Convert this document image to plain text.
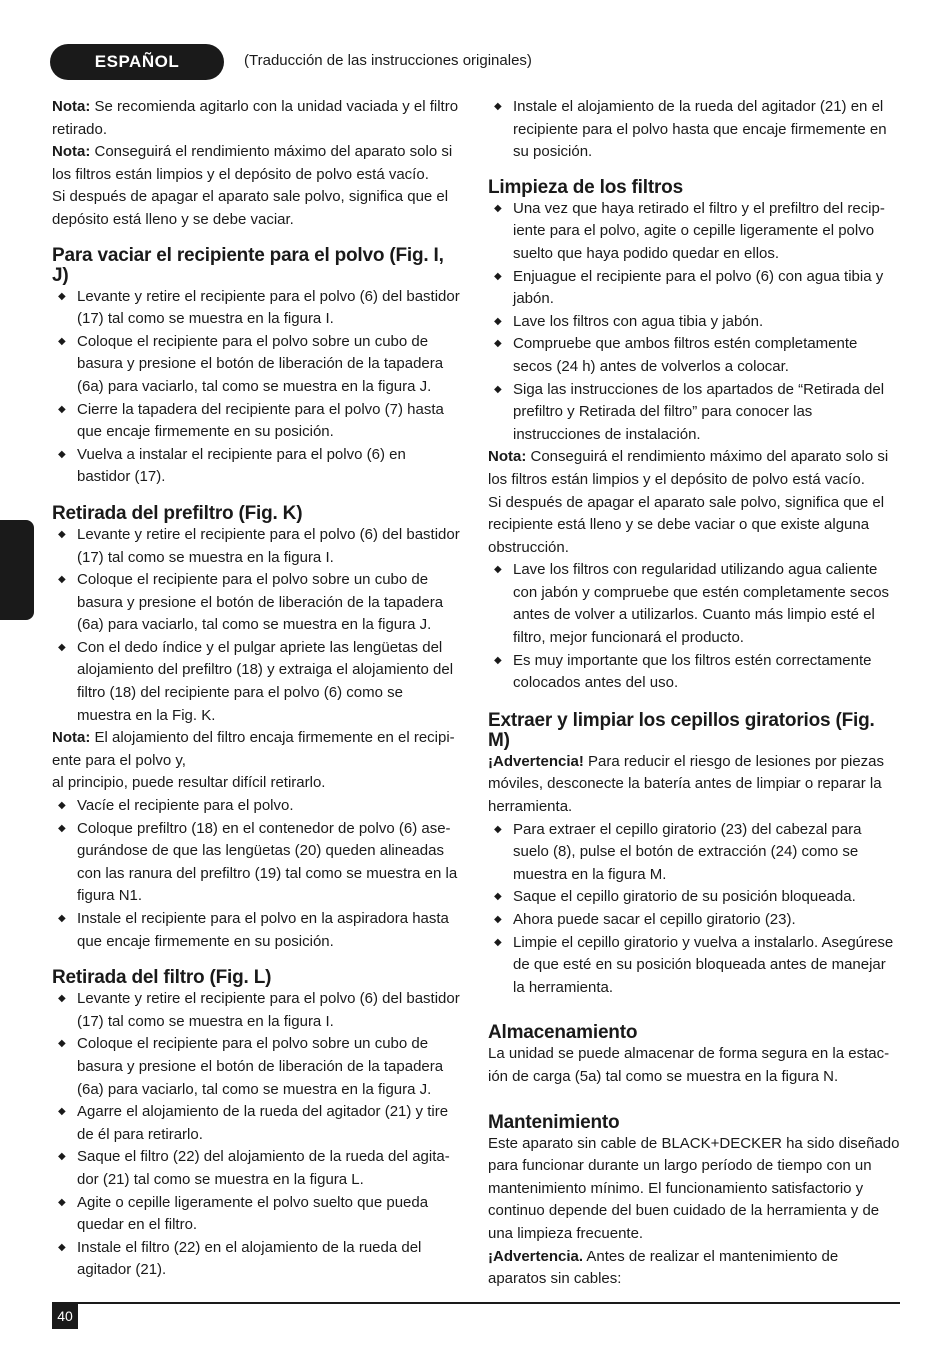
ESPAÑOL	(Traducción de las instrucciones originales)

Nota: Se recomienda agitarlo con la unidad vaciada y el filtro retirado.

Nota: Conseguirá el rendimiento máximo del aparato solo si los filtros están limpios y el depósito de polvo está vacío.

Si después de apagar el aparato sale polvo, significa que el depósito está lleno y se debe vaciar.

Para vaciar el recipiente para el polvo (Fig. I, J)
◆ Levante y retire el recipiente para el polvo (6) del bastidor (17) tal como se muestra en la figura I.
◆ Coloque el recipiente para el polvo sobre un cubo de basura y presione el botón de liberación de la tapadera (6a) para vaciarlo, tal como se muestra en la figura J.
◆ Cierre la tapadera del recipiente para el polvo (7) hasta que encaje firmemente en su posición.
◆ Vuelva a instalar el recipiente para el polvo (6) en bastidor (17).
Retirada del prefiltro (Fig. K)
◆ Levante y retire el recipiente para el polvo (6) del bastidor (17) tal como se muestra en la figura I.
◆ Coloque el recipiente para el polvo sobre un cubo de basura y presione el botón de liberación de la tapadera (6a) para vaciarlo, tal como se muestra en la figura J.
◆ Con el dedo índice y el pulgar apriete las lengüetas del alojamiento del prefiltro (18) y extraiga el alojamiento del filtro (18) del recipiente para el polvo (6) como se muestra en la Fig. K.

Nota: El alojamiento del filtro encaja firmemente en el recipi-ente para el polvo y,

al principio, puede resultar difícil retirarlo.

◆ Vacíe el recipiente para el polvo.
◆ Coloque prefiltro (18) en el contenedor de polvo (6) ase-gurándose de que las lengüetas (20) queden alineadas con las ranura del prefiltro (19) tal como se muestra en la figura N1.
◆ Instale el recipiente para el polvo en la aspiradora hasta que encaje firmemente en su posición.
Retirada del filtro (Fig. L)
◆ Levante y retire el recipiente para el polvo (6) del bastidor (17) tal como se muestra en la figura I.
◆ Coloque el recipiente para el polvo sobre un cubo de basura y presione el botón de liberación de la tapadera (6a) para vaciarlo, tal como se muestra en la figura J.
◆ Agarre el alojamiento de la rueda del agitador (21) y tire de él para retirarlo.
◆ Saque el filtro (22) del alojamiento de la rueda del agita-dor (21) tal como se muestra en la figura L.
◆ Agite o cepille ligeramente el polvo suelto que pueda quedar en el filtro.
◆ Instale el filtro (22) en el alojamiento de la rueda del agitador (21).
◆ Instale el alojamiento de la rueda del agitador (21) en el recipiente para el polvo hasta que encaje firmemente en su posición.
Limpieza de los filtros
◆ Una vez que haya retirado el filtro y el prefiltro del recip-iente para el polvo, agite o cepille ligeramente el polvo suelto que haya podido quedar en ellos.
◆ Enjuague el recipiente para el polvo (6) con agua tibia y jabón.
◆ Lave los filtros con agua tibia y jabón.
◆ Compruebe que ambos filtros estén completamente secos (24 h) antes de volverlos a colocar.
◆ Siga las instrucciones de los apartados de “Retirada del prefiltro y Retirada del filtro” para conocer las instrucciones de instalación.

Nota: Conseguirá el rendimiento máximo del aparato solo si los filtros están limpios y el depósito de polvo está vacío.

Si después de apagar el aparato sale polvo, significa que el recipiente está lleno y se debe vaciar o que existe alguna obstrucción.

◆ Lave los filtros con regularidad utilizando agua caliente con jabón y compruebe que estén completamente secos antes de volver a utilizarlos. Cuanto más limpio esté el filtro, mejor funcionará el producto.
◆ Es muy importante que los filtros estén correctamente colocados antes del uso.
Extraer y limpiar los cepillos giratorios (Fig. M)

¡Advertencia! Para reducir el riesgo de lesiones por piezas móviles, desconecte la batería antes de limpiar o reparar la herramienta.

◆ Para extraer el cepillo giratorio (23) del cabezal para suelo (8), pulse el botón de extracción (24) como se muestra en la figura M.
◆ Saque el cepillo giratorio de su posición bloqueada.
◆ Ahora puede sacar el cepillo giratorio (23).
◆ Limpie el cepillo giratorio y vuelva a instalarlo. Asegúrese de que esté en su posición bloqueada antes de manejar la herramienta.
Almacenamiento

La unidad se puede almacenar de forma segura en la estac-ión de carga (5a) tal como se muestra en la figura N.

Mantenimiento

Este aparato sin cable de BLACK+DECKER ha sido diseñado para funcionar durante un largo período de tiempo con un mantenimiento mínimo. El funcionamiento satisfactorio y continuo depende del buen cuidado de la herramienta y de una limpieza frecuente.

¡Advertencia. Antes de realizar el mantenimiento de aparatos sin cables:

40
